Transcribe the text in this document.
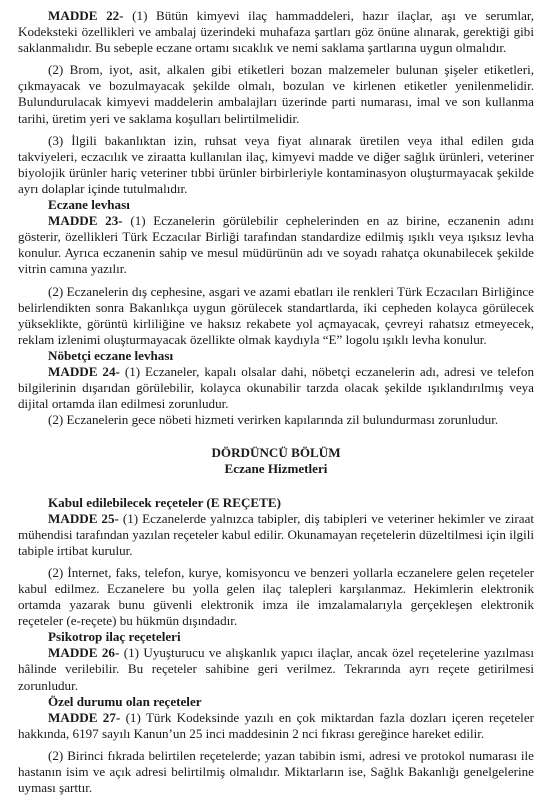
MADDE 22- (1) Bütün kimyevi ilaç hammaddeleri, hazır ilaçlar, aşı ve serumlar, Kodeksteki özellikleri ve ambalaj üzerindeki muhafaza şartları göz önüne alınarak, gerektiği gibi saklanmalıdır. Bu sebeple eczane ortamı sıcaklık ve nemi saklama şartlarına uygun olmalıdır.

(2) Brom, iyot, asit, alkalen gibi etiketleri bozan malzemeler bulunan şişeler etiketleri, çıkmayacak ve bozulmayacak şekilde olmalı, bozulan ve kirlenen etiketler yenilenmelidir. Bulundurulacak kimyevi maddelerin ambalajları üzerinde parti numarası, imal ve son kullanma tarihi, üretim yeri ve saklama koşulları belirtilmelidir.

(3) İlgili bakanlıktan izin, ruhsat veya fiyat alınarak üretilen veya ithal edilen gıda takviyeleri, eczacılık ve ziraatta kullanılan ilaç, kimyevi madde ve diğer sağlık ürünleri, veteriner biyolojik ürünler hariç veteriner tıbbi ürünler birbirleriyle kontaminasyon oluşturmayacak şekilde ayrı dolaplar içinde tutulmalıdır.

Eczane levhası

MADDE 23- (1) Eczanelerin görülebilir cephelerinden en az birine, eczanenin adını gösterir, özellikleri Türk Eczacılar Birliği tarafından standardize edilmiş ışıklı veya ışıksız levha konulur. Ayrıca eczanenin sahip ve mesul müdürünün adı ve soyadı rahatça okunabilecek şekilde vitrin camına yazılır.

(2) Eczanelerin dış cephesine, asgari ve azami ebatları ile renkleri Türk Eczacıları Birliğince belirlendikten sonra Bakanlıkça uygun görülecek standartlarda, iki cepheden kolayca görülecek yükseklikte, görüntü kirliliğine ve haksız rekabete yol açmayacak, çevreyi rahatsız etmeyecek, reklam izlenimi oluşturmayacak özellikte olmak kaydıyla “E” logolu ışıklı levha konulur.

Nöbetçi eczane levhası

MADDE 24- (1) Eczaneler, kapalı olsalar dahi, nöbetçi eczanelerin adı, adresi ve telefon bilgilerinin dışarıdan görülebilir, kolayca okunabilir tarzda olacak şekilde ışıklandırılmış veya dijital ortamda ilan edilmesi zorunludur.

(2) Eczanelerin gece nöbeti hizmeti verirken kapılarında zil bulundurması zorunludur.

DÖRDÜNCÜ BÖLÜM
Eczane Hizmetleri
Kabul edilebilecek reçeteler (E REÇETE)

MADDE 25- (1) Eczanelerde yalnızca tabipler, diş tabipleri ve veteriner hekimler ve ziraat mühendisi tarafından yazılan reçeteler kabul edilir. Okunamayan reçetelerin düzeltilmesi için ilgili tabiple irtibat kurulur.

(2) İnternet, faks, telefon, kurye, komisyoncu ve benzeri yollarla eczanelere gelen reçeteler kabul edilmez. Eczanelere bu yolla gelen ilaç talepleri karşılanmaz. Hekimlerin elektronik ortamda yazarak bunu güvenli elektronik imza ile imzalamalarıyla gerçekleşen elektronik reçeteler (e-reçete) bu hükmün dışındadır.

Psikotrop ilaç reçeteleri

MADDE 26- (1) Uyuşturucu ve alışkanlık yapıcı ilaçlar, ancak özel reçetelerine yazılması hâlinde verilebilir. Bu reçeteler sahibine geri verilmez. Tekrarında ayrı reçete getirilmesi zorunludur.

Özel durumu olan reçeteler

MADDE 27- (1) Türk Kodeksinde yazılı en çok miktardan fazla dozları içeren reçeteler hakkında, 6197 sayılı Kanun’un 25 inci maddesinin 2 nci fıkrası gereğince hareket edilir.

(2) Birinci fıkrada belirtilen reçetelerde; yazan tabibin ismi, adresi ve protokol numarası ile hastanın isim ve açık adresi belirtilmiş olmalıdır. Miktarların ise, Sağlık Bakanlığı genelgelerine uyması şarttır.
